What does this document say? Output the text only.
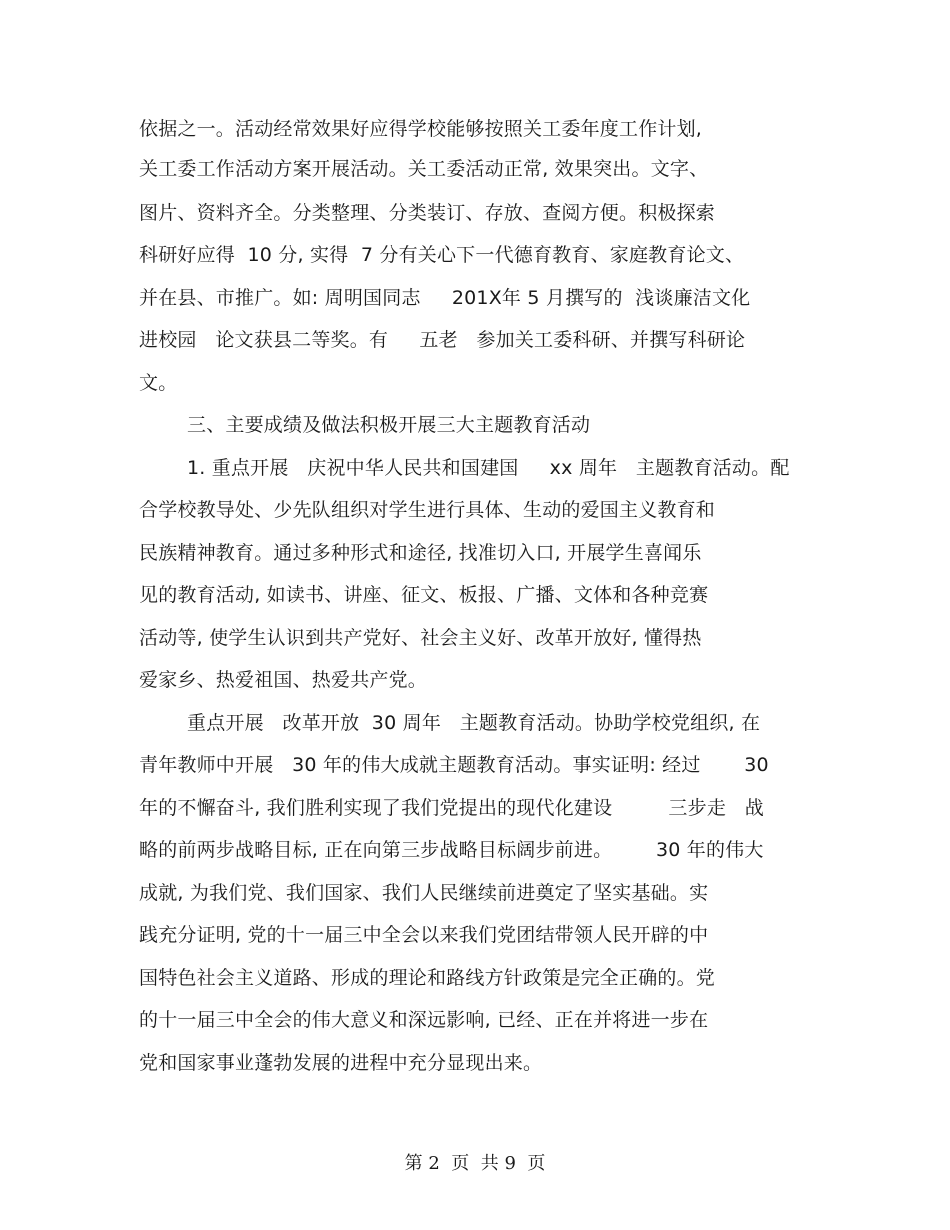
依据之一。活动经常效果好应得学校能够按照关工委年度工作计划,
关工委工作活动方案开展活动。关工委活动正常, 效果突出。文字、
图片、资料齐全。分类整理、分类装订、存放、查阅方便。积极探索
科研好应得  10 分, 实得  7 分有关心下一代德育教育、家庭教育论文、
并在县、市推广。如: 周明国同志     201X年 5 月撰写的  浅谈廉洁文化
进校园   论文获县二等奖。有     五老   参加关工委科研、并撰写科研论
文。
三、主要成绩及做法积极开展三大主题教育活动
1. 重点开展   庆祝中华人民共和国建国     xx 周年   主题教育活动。配
合学校教导处、少先队组织对学生进行具体、生动的爱国主义教育和
民族精神教育。通过多种形式和途径, 找准切入口, 开展学生喜闻乐
见的教育活动, 如读书、讲座、征文、板报、广播、文体和各种竞赛
活动等, 使学生认识到共产党好、社会主义好、改革开放好, 懂得热
爱家乡、热爱祖国、热爱共产党。
重点开展   改革开放  30 周年   主题教育活动。协助学校党组织, 在
青年教师中开展   30 年的伟大成就主题教育活动。事实证明: 经过       30
年的不懈奋斗, 我们胜利实现了我们党提出的现代化建设         三步走   战
略的前两步战略目标, 正在向第三步战略目标阔步前进。       30 年的伟大
成就, 为我们党、我们国家、我们人民继续前进奠定了坚实基础。实
践充分证明, 党的十一届三中全会以来我们党团结带领人民开辟的中
国特色社会主义道路、形成的理论和路线方针政策是完全正确的。党
的十一届三中全会的伟大意义和深远影响, 已经、正在并将进一步在
党和国家事业蓬勃发展的进程中充分显现出来。
第 2  页  共 9  页
